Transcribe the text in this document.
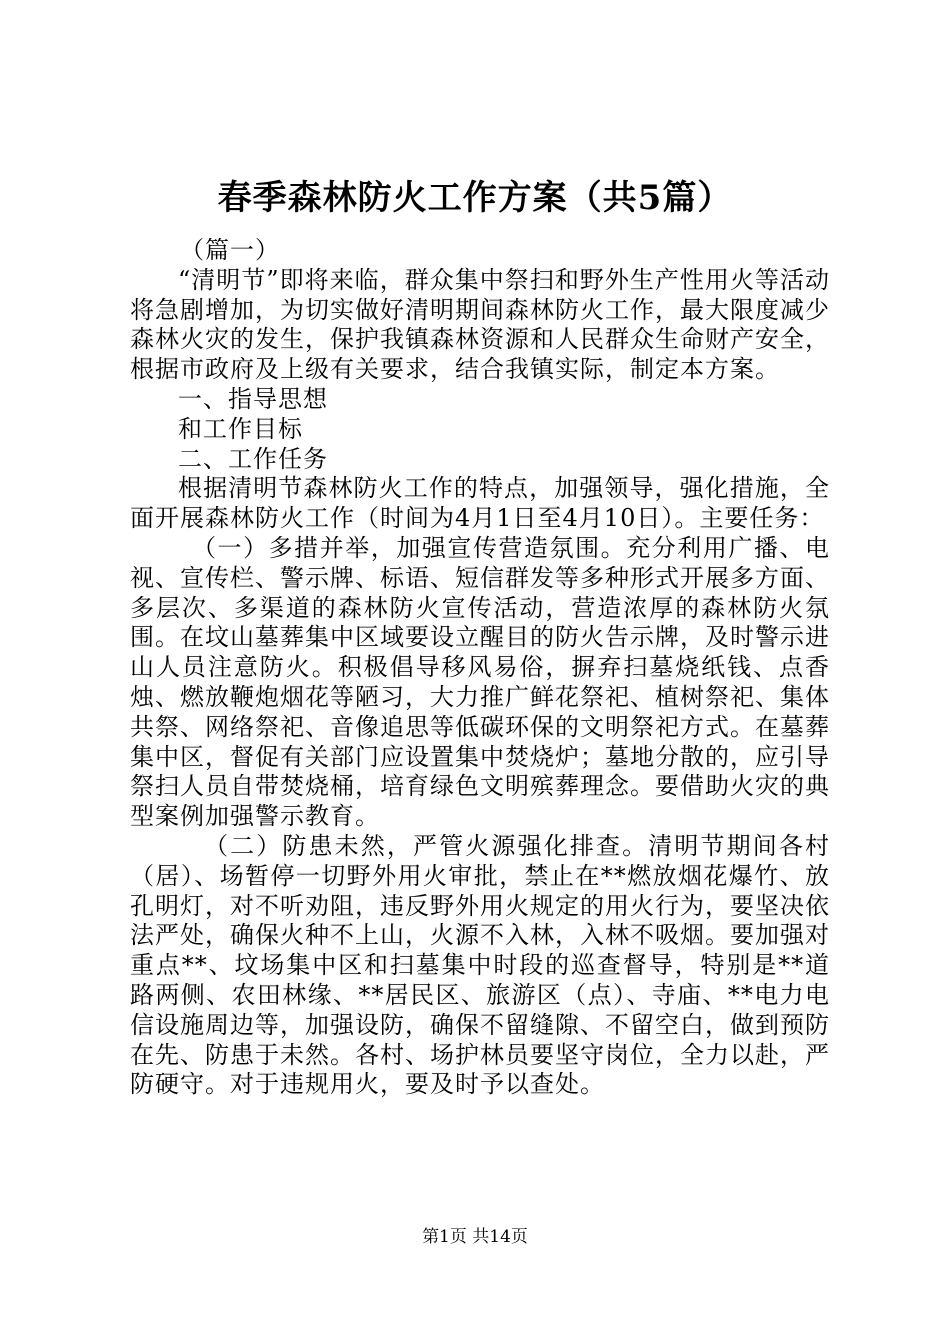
春季森林防火工作方案（共5篇）

（篇一）

“清明节”即将来临，群众集中祭扫和野外生产性用火等活动将急剧增加，为切实做好清明期间森林防火工作，最大限度减少森林火灾的发生，保护我镇森林资源和人民群众生命财产安全，根据市政府及上级有关要求，结合我镇实际，制定本方案。

一、指导思想

和工作目标

二、工作任务

根据清明节森林防火工作的特点，加强领导，强化措施，全面开展森林防火工作（时间为4月1日至4月10日）。主要任务：

（一）多措并举，加强宣传营造氛围。充分利用广播、电视、宣传栏、警示牌、标语、短信群发等多种形式开展多方面、多层次、多渠道的森林防火宣传活动，营造浓厚的森林防火氛围。在坟山墓葬集中区域要设立醒目的防火告示牌，及时警示进山人员注意防火。积极倡导移风易俗，摒弃扫墓烧纸钱、点香烛、燃放鞭炮烟花等陋习，大力推广鲜花祭祀、植树祭祀、集体共祭、网络祭祀、音像追思等低碳环保的文明祭祀方式。在墓葬集中区，督促有关部门应设置集中焚烧炉；墓地分散的，应引导祭扫人员自带焚烧桶，培育绿色文明殡葬理念。要借助火灾的典型案例加强警示教育。

（二）防患未然，严管火源强化排查。清明节期间各村（居）、场暂停一切野外用火审批，禁止在**燃放烟花爆竹、放孔明灯，对不听劝阻，违反野外用火规定的用火行为，要坚决依法严处，确保火种不上山，火源不入林，入林不吸烟。要加强对重点**、坟场集中区和扫墓集中时段的巡查督导，特别是**道路两侧、农田林缘、**居民区、旅游区（点）、寺庙、**电力电信设施周边等，加强设防，确保不留缝隙、不留空白，做到预防在先、防患于未然。各村、场护林员要坚守岗位，全力以赴，严防硬守。对于违规用火，要及时予以查处。

第1页 共14页
